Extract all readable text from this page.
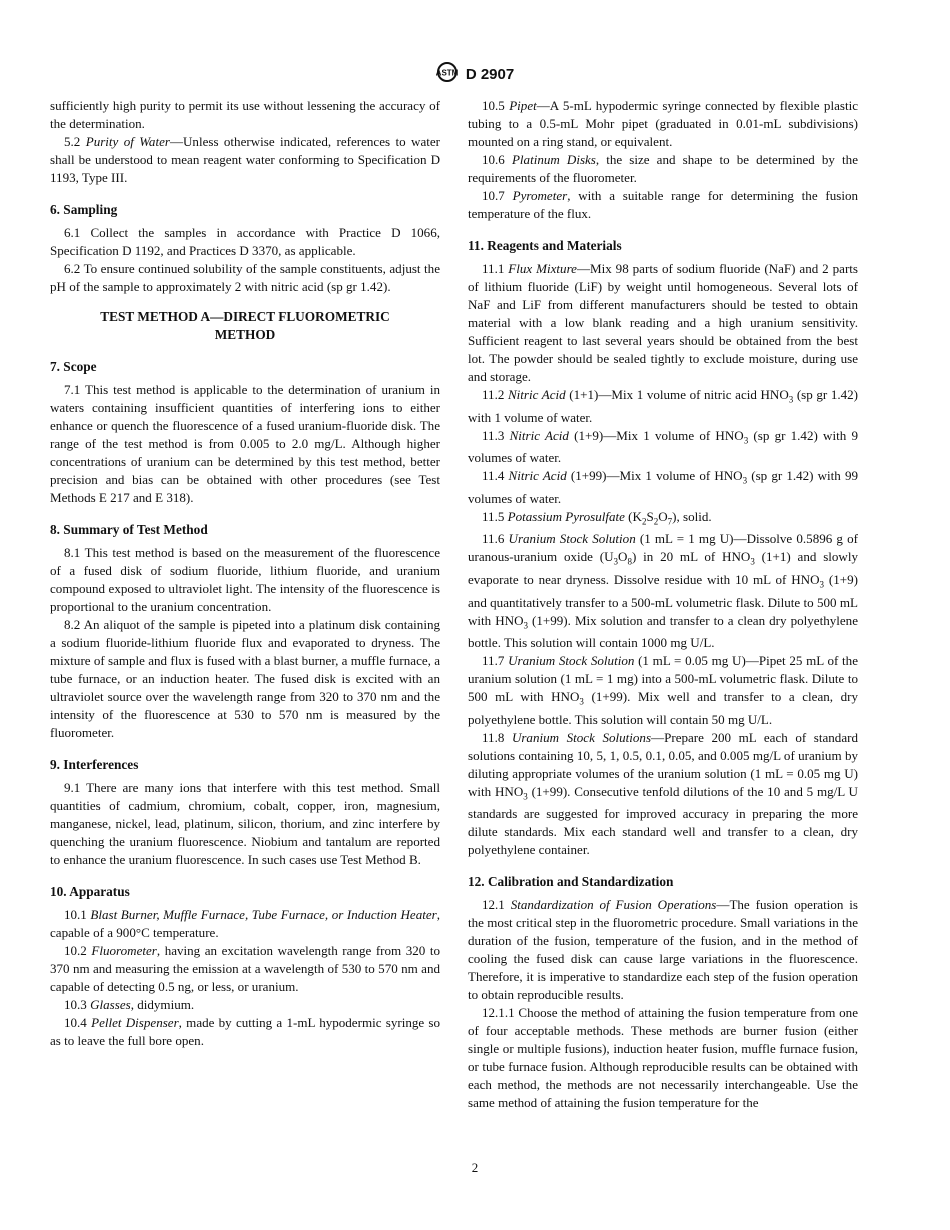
ASTM D 2907

sufficiently high purity to permit its use without lessening the accuracy of the determination.

5.2 Purity of Water—Unless otherwise indicated, references to water shall be understood to mean reagent water conforming to Specification D 1193, Type III.

6. Sampling

6.1 Collect the samples in accordance with Practice D 1066, Specification D 1192, and Practices D 3370, as applicable.

6.2 To ensure continued solubility of the sample constituents, adjust the pH of the sample to approximately 2 with nitric acid (sp gr 1.42).

TEST METHOD A—DIRECT FLUOROMETRIC
METHOD
7. Scope

7.1 This test method is applicable to the determination of uranium in waters containing insufficient quantities of interfering ions to either enhance or quench the fluorescence of a fused uranium-fluoride disk. The range of the test method is from 0.005 to 2.0 mg/L. Although higher concentrations of uranium can be determined by this test method, better precision and bias can be obtained with other procedures (see Test Methods E 217 and E 318).

8. Summary of Test Method

8.1 This test method is based on the measurement of the fluorescence of a fused disk of sodium fluoride, lithium fluoride, and uranium compound exposed to ultraviolet light. The intensity of the fluorescence is proportional to the uranium concentration.

8.2 An aliquot of the sample is pipeted into a platinum disk containing a sodium fluoride-lithium fluoride flux and evaporated to dryness. The mixture of sample and flux is fused with a blast burner, a muffle furnace, a tube furnace, or an induction heater. The fused disk is excited with an ultraviolet source over the wavelength range from 320 to 370 nm and the intensity of the fluorescence at 530 to 570 nm is measured by the fluorometer.

9. Interferences

9.1 There are many ions that interfere with this test method. Small quantities of cadmium, chromium, cobalt, copper, iron, magnesium, manganese, nickel, lead, platinum, silicon, thorium, and zinc interfere by quenching the uranium fluorescence. Niobium and tantalum are reported to enhance the uranium fluorescence. In such cases use Test Method B.

10. Apparatus

10.1 Blast Burner, Muffle Furnace, Tube Furnace, or Induction Heater, capable of a 900°C temperature.

10.2 Fluorometer, having an excitation wavelength range from 320 to 370 nm and measuring the emission at a wavelength of 530 to 570 nm and capable of detecting 0.5 ng, or less, or uranium.

10.3 Glasses, didymium.

10.4 Pellet Dispenser, made by cutting a 1-mL hypodermic syringe so as to leave the full bore open.

10.5 Pipet—A 5-mL hypodermic syringe connected by flexible plastic tubing to a 0.5-mL Mohr pipet (graduated in 0.01-mL subdivisions) mounted on a ring stand, or equivalent.

10.6 Platinum Disks, the size and shape to be determined by the requirements of the fluorometer.

10.7 Pyrometer, with a suitable range for determining the fusion temperature of the flux.

11. Reagents and Materials

11.1 Flux Mixture—Mix 98 parts of sodium fluoride (NaF) and 2 parts of lithium fluoride (LiF) by weight until homogeneous. Several lots of NaF and LiF from different manufacturers should be tested to obtain material with a low blank reading and a high uranium sensitivity. Sufficient reagent to last several years should be obtained from the best lot. The powder should be sealed tightly to exclude moisture, during use and storage.

11.2 Nitric Acid (1+1)—Mix 1 volume of nitric acid $HNO_3$ (sp gr 1.42) with 1 volume of water.

11.3 Nitric Acid (1+9)—Mix 1 volume of $HNO_3$ (sp gr 1.42) with 9 volumes of water.

11.4 Nitric Acid (1+99)—Mix 1 volume of $HNO_3$ (sp gr 1.42) with 99 volumes of water.

11.5 Potassium Pyrosulfate $(K_2S_2O_7)$, solid.

11.6 Uranium Stock Solution (1 mL = 1 mg U)—Dissolve 0.5896 g of uranous-uranium oxide $(U_3O_8)$ in 20 mL of $HNO_3$ (1+1) and slowly evaporate to near dryness. Dissolve residue with 10 mL of $HNO_3$ (1+9) and quantitatively transfer to a 500-mL volumetric flask. Dilute to 500 mL with $HNO_3$ (1+99). Mix solution and transfer to a clean dry polyethylene bottle. This solution will contain 1000 mg U/L.

11.7 Uranium Stock Solution (1 mL = 0.05 mg U)—Pipet 25 mL of the uranium solution (1 mL = 1 mg) into a 500-mL volumetric flask. Dilute to 500 mL with $HNO_3$ (1+99). Mix well and transfer to a clean, dry polyethylene bottle. This solution will contain 50 mg U/L.

11.8 Uranium Stock Solutions—Prepare 200 mL each of standard solutions containing 10, 5, 1, 0.5, 0.1, 0.05, and 0.005 mg/L of uranium by diluting appropriate volumes of the uranium solution (1 mL = 0.05 mg U) with $HNO_3$ (1+99). Consecutive tenfold dilutions of the 10 and 5 mg/L U standards are suggested for improved accuracy in preparing the more dilute standards. Mix each standard well and transfer to a clean, dry polyethylene container.

12. Calibration and Standardization

12.1 Standardization of Fusion Operations—The fusion operation is the most critical step in the fluorometric procedure. Small variations in the duration of the fusion, temperature of the fusion, and in the method of cooling the fused disk can cause large variations in the fluorescence. Therefore, it is imperative to standardize each step of the fusion operation to obtain reproducible results.

12.1.1 Choose the method of attaining the fusion temperature from one of four acceptable methods. These methods are burner fusion (either single or multiple fusions), induction heater fusion, muffle furnace fusion, or tube furnace fusion. Although reproducible results can be obtained with each method, the methods are not necessarily interchangeable. Use the same method of attaining the fusion temperature for the

2
